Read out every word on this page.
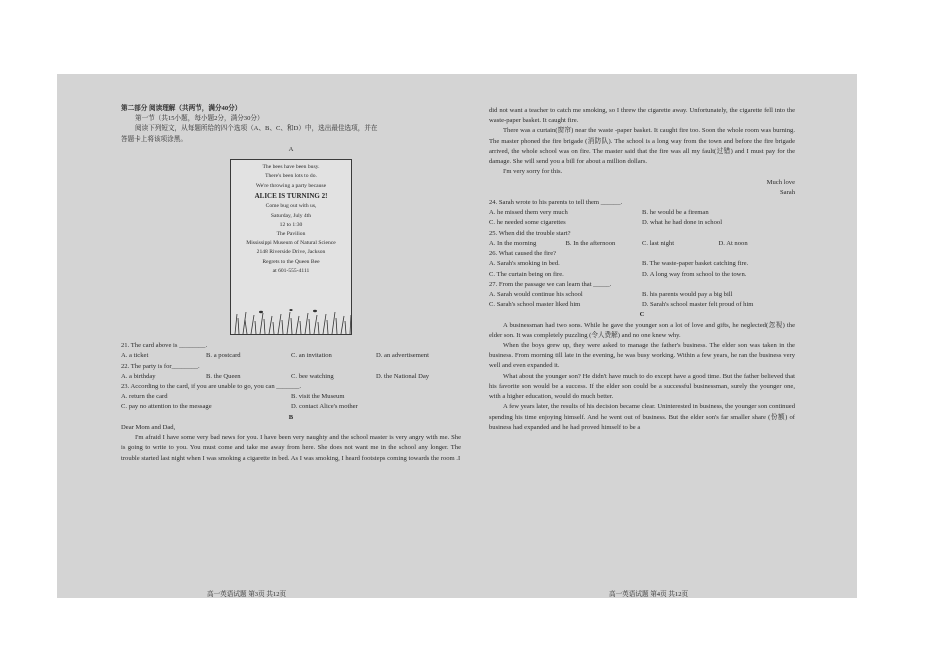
第二部分 阅读理解（共两节，满分40分）

第一节（共15小题，每小题2分，满分30分）

阅读下列短文，从每题所给的四个选项（A、B、C、和D）中，选出最佳选项，并在

答题卡上将该项涂黑。

A

The bees have been busy.
There's been lots to do.
We're throwing a party because
ALICE IS TURNING 2!
Come bug out with us,
Saturday, July 4th
12 to 1:30
The Pavilion
Mississippi Museum of Natural Science
2148 Riverside Drive, Jackson
Regrets to the Queen Bee
at 601-555-4111

21. The card above is ________.

A. a ticket	B. a postcard	C. an invitation	D. an advertisement

22. The party is for________.

A. a birthday	B. the Queen	C. bee watching	D. the National Day

23. According to the card, if you are unable to go, you can _______.

A. return the card	B. visit the Museum
C. pay no attention to the message	D. contact Alice's mother

B

Dear Mom and Dad,

I'm afraid I have some very bad news for you. I have been very naughty and the school master is very angry with me. She is going to write to you. You must come and take me away from here. She does not want me in the school any longer. The trouble started last night when I was smoking a cigarette in bed. As I was smoking, I heard footsteps coming towards the room .I

高一英语试题 第3页 共12页

did not want a teacher to catch me smoking, so I threw the cigarette away. Unfortunately, the cigarette fell into the waste-paper basket. It caught fire.

There was a curtain(窗帘) near the waste -paper basket. It caught fire too. Soon the whole room was burning. The master phoned the fire brigade (消防队). The school is a long way from the town and before the fire brigade arrived, the whole school was on fire. The master said that the fire was all my fault(过错) and I must pay for the damage. She will send you a bill for about a million dollars.

I'm very sorry for this.

Much love

Sarah

24. Sarah wrote to his parents to tell them ______.

A. he missed them very much	B. he would be a fireman
C. he needed some cigarettes	D. what he had done in school

25. When did the trouble start?

A. In the morning	B. In the afternoon	C. last night	D. At noon

26. What caused the fire?

A. Sarah's smoking in bed.	B. The waste-paper basket catching fire.
C. The curtain being on fire.	D. A long way from school to the town.

27. From the passage we can learn that _____.

A. Sarah would continue his school	B. his parents would pay a big bill
C. Sarah's school master liked him	D. Sarah's school master felt proud of him

C

A businessman had two sons. While he gave the younger son a lot of love and gifts, he neglected(忽视) the elder son. It was completely puzzling (令人费解) and no one knew why.

When the boys grew up, they were asked to manage the father's business. The elder son was taken in the business. From morning till late in the evening, he was busy working. Within a few years, he ran the business very well and even expanded it.

What about the younger son? He didn't have much to do except have a good time. But the father believed that his favorite son would be a success. If the elder son could be a successful businessman, surely the younger one, with a higher education, would do much better.

A few years later, the results of his decision became clear. Uninterested in business, the younger son continued spending his time enjoying himself. And he went out of business. But the elder son's far smaller share (份额) of business had expanded and he had proved himself to be a

高一英语试题 第4页 共12页
